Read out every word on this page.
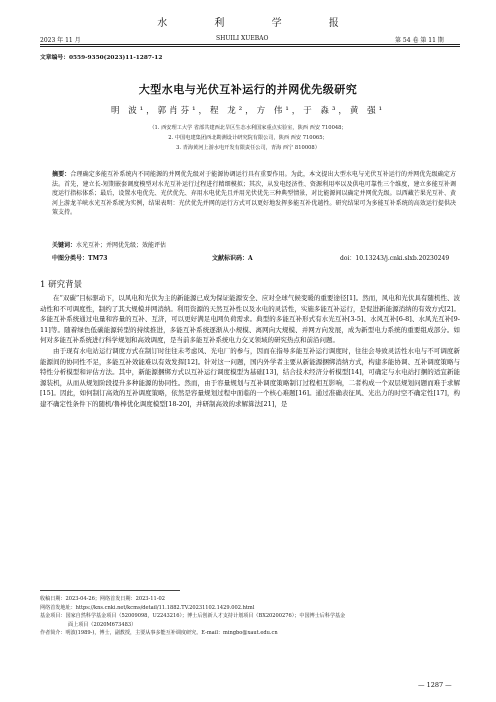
水 利 学 报
2023 年 11 月	SHUILI XUEBAO	第 54 卷 第 11 期
文章编号：0559-9350(2023)11-1287-12
大型水电与光伏互补运行的并网优先级研究
明 波¹，郭肖芬¹，程 龙²，方 伟¹，于 淼³，黄 强¹
（1. 西安理工大学 省部共建西北旱区生态水利国家重点实验室，陕西 西安 710048；
2. 中国电建集团西北勘测设计研究院有限公司，陕西 西安 710065；
3. 青海黄河上游水电开发有限责任公司，青海 西宁 810008）
摘要：合理确定多能互补系统内不同能源的并网优先级对于能源协调运行具有重要作用。为此，本文提出大型水电与光伏互补运行的并网优先级确定方法。首先，建立长-短期嵌套调度模型对水光互补运行过程进行精细模拟；其次，从发电经济性、资源利用率以及供电可靠性三个维度，建立多能互补调度运行指标体系；最后，设置水电优先、光伏优先、弃用水电优先且并用光伏优先三种典型情景，对比能源间以确定并网优先级。以西藏芒果光互补、黄河上游龙羊峡水光互补系统为实例，结果表明：光伏优先并网的运行方式可以更好地发挥多能互补优越性。研究结果可为多能互补系统的高效运行提供决策支持。
关键词：水光互补；并网优先级；效能评估
中图分类号：TM73	文献标识码：A	doi：10.13243/j.cnki.slxb.20230249
1 研究背景

在“双碳”目标驱动下，以风电和光伏为主的新能源已成为保证能源安全、应对全球气候变暖的重要途径[1]。然而，风电和光伏具有随机性、波动性和不可调度性，制约了其大规模并网消纳。利用资源的天然互补性以及水电的灵活性，实施多能互补运行，是促进新能源消纳的有效方式[2]。多能互补系统通过电量和容量的互补、互济，可以更好满足电网负荷需求。典型的多能互补形式有水光互补[3-5]、水风互补[6-8]、水风光互补[9-11]等。随着绿色低碳能源转型的持续推进，多能互补系统逐渐从小规模、离网向大规模、并网方向发展，成为新型电力系统的重要组成部分。如何对多能互补系统进行科学规划和高效调度，是当前多能互补系统电力交叉领域的研究热点和前沿问题。

由于现有水电站运行调度方式在制订时往往未考虑风、光电厂的参与，因而在指导多能互补运行调度时，往往会导致灵活性水电与不可调度新能源间的协同性不足，多能互补效能难以有效发挥[12]。针对这一问题，国内外学者主要从新能源捆绑消纳方式，构建多能协调、互补调度策略与特性分析模型和评估方法。其中，新能源捆绑方式以互补运行调度模型为基础[13]，结合技术经济分析模型[14]，可确定与水电站打捆的适宜新能源装机，从而从规划阶段提升多种能源的协同性。然而，由于容量规划与互补调度策略制订过程相互影响，二者构成一个双层规划问题而难于求解[15]。因此，如何制订高效的互补调度策略，依然是容量规划过程中面临的一个核心难题[16]。通过准确表征风、光出力的时空不确定性[17]，构建不确定性条件下的随机/鲁棒优化调度模型[18-20]，并研制高效的求解算法[21]，是

收稿日期：2023-04-26；网络首发日期：2023-11-02
网络首发地址：https://kns.cnki.net/kcms/detail/11.1882.TV.20231102.1429.002.html
基金项目：国家自然科学基金项目（52009098，U2243216）；博士后创新人才支持计划项目（BX20200276）；中国博士后科学基金
面上项目（2020M673483）
作者简介：明波(1989-)，博士，副教授，主要从事多能互补调度研究。E-mail：mingbo@xaut.edu.cn
— 1287 —
